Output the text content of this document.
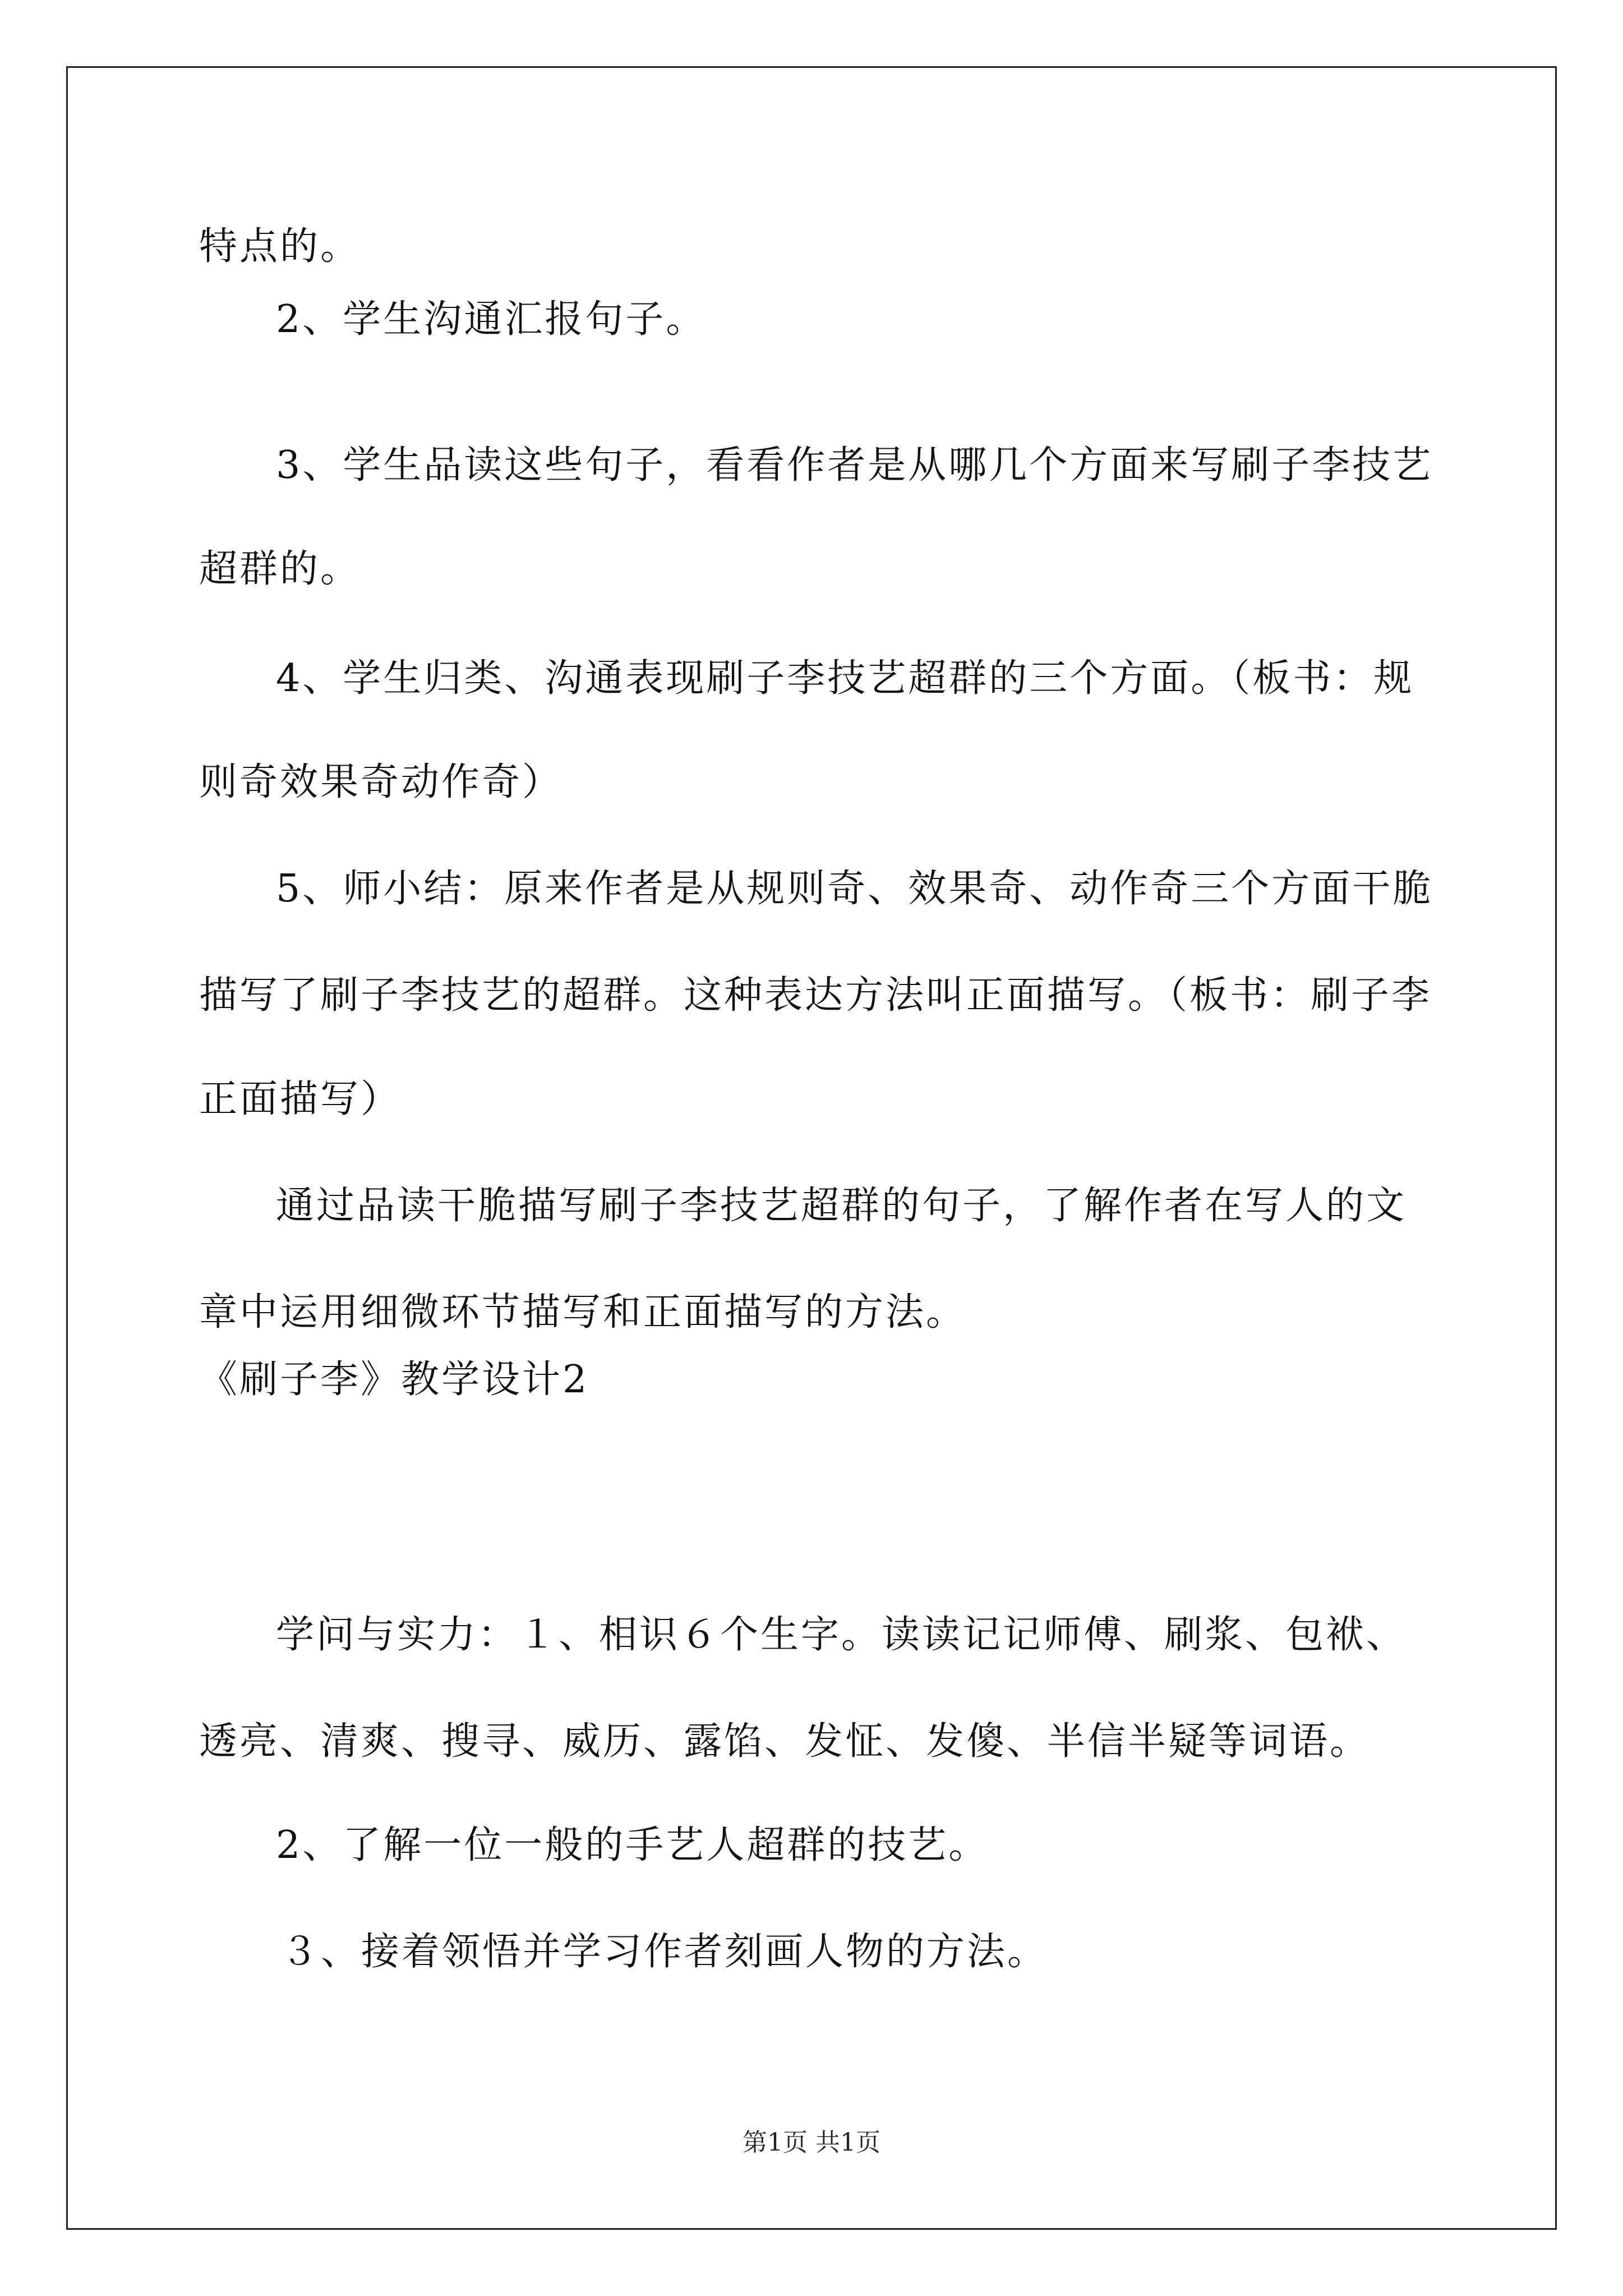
特点的。
2、学生沟通汇报句子。
3、学生品读这些句子，看看作者是从哪几个方面来写刷子李技艺
超群的。
4、学生归类、沟通表现刷子李技艺超群的三个方面。（板书：规
则奇效果奇动作奇）
5、师小结：原来作者是从规则奇、效果奇、动作奇三个方面干脆
描写了刷子李技艺的超群。这种表达方法叫正面描写。（板书：刷子李
正面描写）
通过品读干脆描写刷子李技艺超群的句子，了解作者在写人的文
章中运用细微环节描写和正面描写的方法。
《刷子李》教学设计2
学问与实力：１、相识６个生字。读读记记师傅、刷浆、包袱、
透亮、清爽、搜寻、威历、露馅、发怔、发傻、半信半疑等词语。
2、了解一位一般的手艺人超群的技艺。
３、接着领悟并学习作者刻画人物的方法。
第1页 共1页
